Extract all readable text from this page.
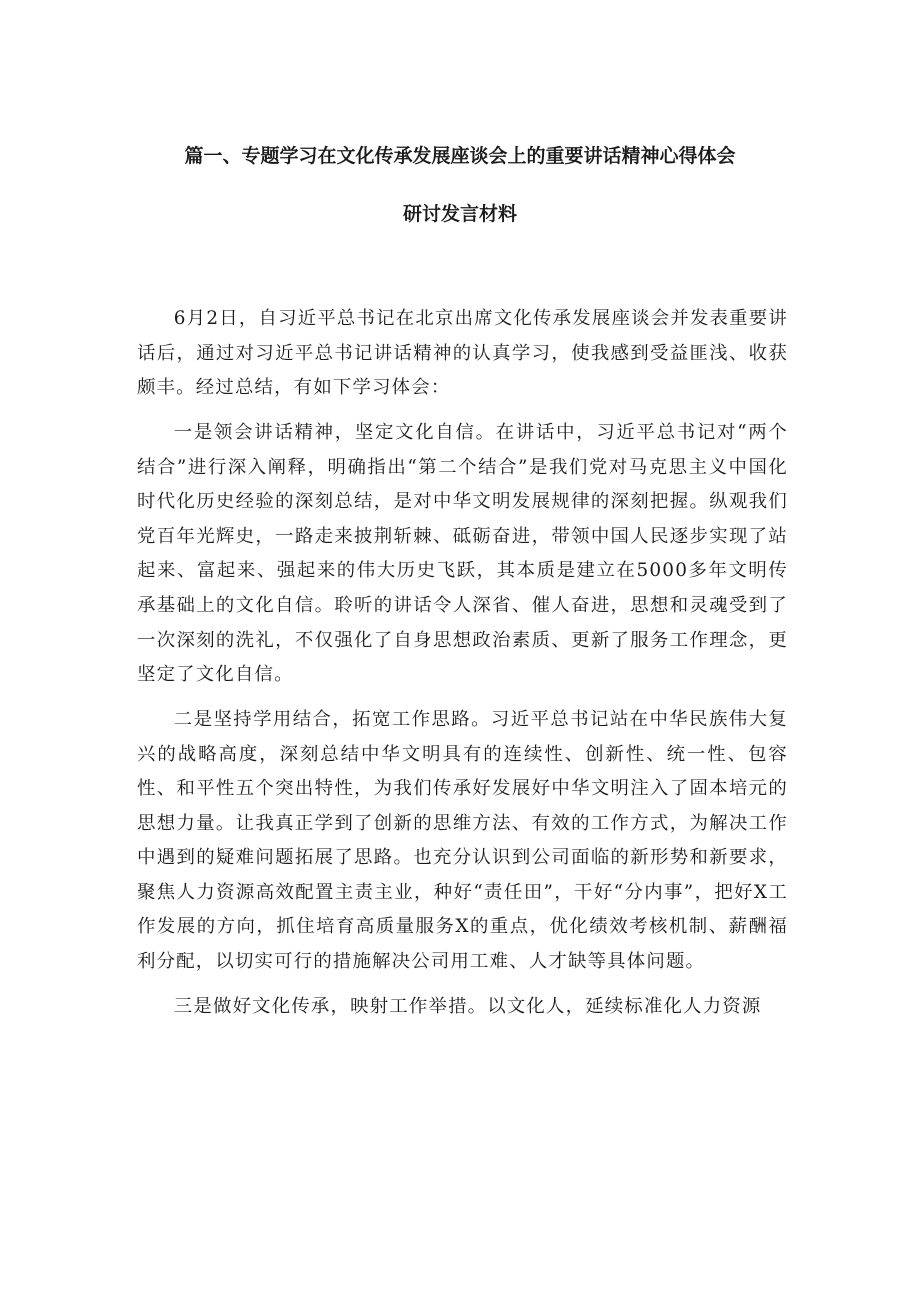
篇一、专题学习在文化传承发展座谈会上的重要讲话精神心得体会
研讨发言材料

6月2日，自习近平总书记在北京出席文化传承发展座谈会并发表重要讲话后，通过对习近平总书记讲话精神的认真学习，使我感到受益匪浅、收获颇丰。经过总结，有如下学习体会：

一是领会讲话精神，坚定文化自信。在讲话中，习近平总书记对“两个结合”进行深入阐释，明确指出“第二个结合”是我们党对马克思主义中国化时代化历史经验的深刻总结，是对中华文明发展规律的深刻把握。纵观我们党百年光辉史，一路走来披荆斩棘、砥砺奋进，带领中国人民逐步实现了站起来、富起来、强起来的伟大历史飞跃，其本质是建立在5000多年文明传承基础上的文化自信。聆听的讲话令人深省、催人奋进，思想和灵魂受到了一次深刻的洗礼，不仅强化了自身思想政治素质、更新了服务工作理念，更坚定了文化自信。

二是坚持学用结合，拓宽工作思路。习近平总书记站在中华民族伟大复兴的战略高度，深刻总结中华文明具有的连续性、创新性、统一性、包容性、和平性五个突出特性，为我们传承好发展好中华文明注入了固本培元的思想力量。让我真正学到了创新的思维方法、有效的工作方式，为解决工作中遇到的疑难问题拓展了思路。也充分认识到公司面临的新形势和新要求，聚焦人力资源高效配置主责主业，种好“责任田”，干好“分内事”，把好X工作发展的方向，抓住培育高质量服务X的重点，优化绩效考核机制、薪酬福利分配，以切实可行的措施解决公司用工难、人才缺等具体问题。

三是做好文化传承，映射工作举措。以文化人，延续标准化人力资源
